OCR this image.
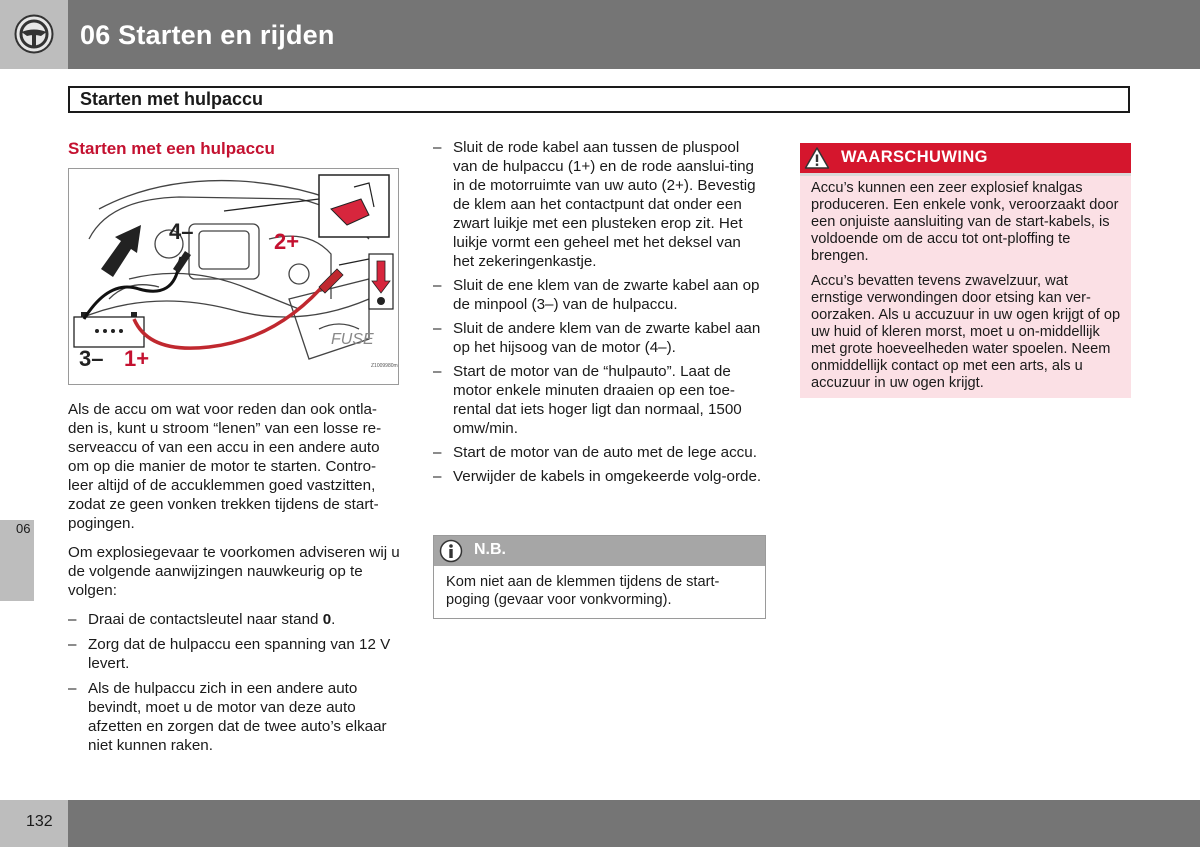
06 Starten en rijden
Starten met hulpaccu
06
Starten met een hulpaccu
FUSE
4–	2+
3– 1+	Z1009980m

Als de accu om wat voor reden dan ook ontla-den is, kunt u stroom “lenen” van een losse re-serveaccu of van een accu in een andere auto om op die manier de motor te starten. Contro-leer altijd of de accuklemmen goed vastzitten, zodat ze geen vonken trekken tijdens de start-pogingen.

Om explosiegevaar te voorkomen adviseren wij u de volgende aanwijzingen nauwkeurig op te volgen:

– Draai de contactsleutel naar stand 0.
– Zorg dat de hulpaccu een spanning van 12 V levert.
– Als de hulpaccu zich in een andere auto bevindt, moet u de motor van deze auto afzetten en zorgen dat de twee auto’s elkaar niet kunnen raken.
– Sluit de rode kabel aan tussen de pluspool van de hulpaccu (1+) en de rode aanslui-ting in de motorruimte van uw auto (2+). Bevestig de klem aan het contactpunt dat onder een zwart luikje met een plusteken erop zit. Het luikje vormt een geheel met het deksel van het zekeringenkastje.
– Sluit de ene klem van de zwarte kabel aan op de minpool (3–) van de hulpaccu.
– Sluit de andere klem van de zwarte kabel aan op het hijsoog van de motor (4–).
– Start de motor van de “hulpauto”. Laat de motor enkele minuten draaien op een toe-rental dat iets hoger ligt dan normaal, 1500 omw/min.
– Start de motor van de auto met de lege accu.
– Verwijder de kabels in omgekeerde volg-orde.
N.B.
Kom niet aan de klemmen tijdens de start-poging (gevaar voor vonkvorming).
WAARSCHUWING

Accu’s kunnen een zeer explosief knalgas produceren. Een enkele vonk, veroorzaakt door een onjuiste aansluiting van de start-kabels, is voldoende om de accu tot ont-ploffing te brengen.

Accu’s bevatten tevens zwavelzuur, wat ernstige verwondingen door etsing kan ver-oorzaken. Als u accuzuur in uw ogen krijgt of op uw huid of kleren morst, moet u on-middellijk met grote hoeveelheden water spoelen. Neem onmiddellijk contact op met een arts, als u accuzuur in uw ogen krijgt.

132
